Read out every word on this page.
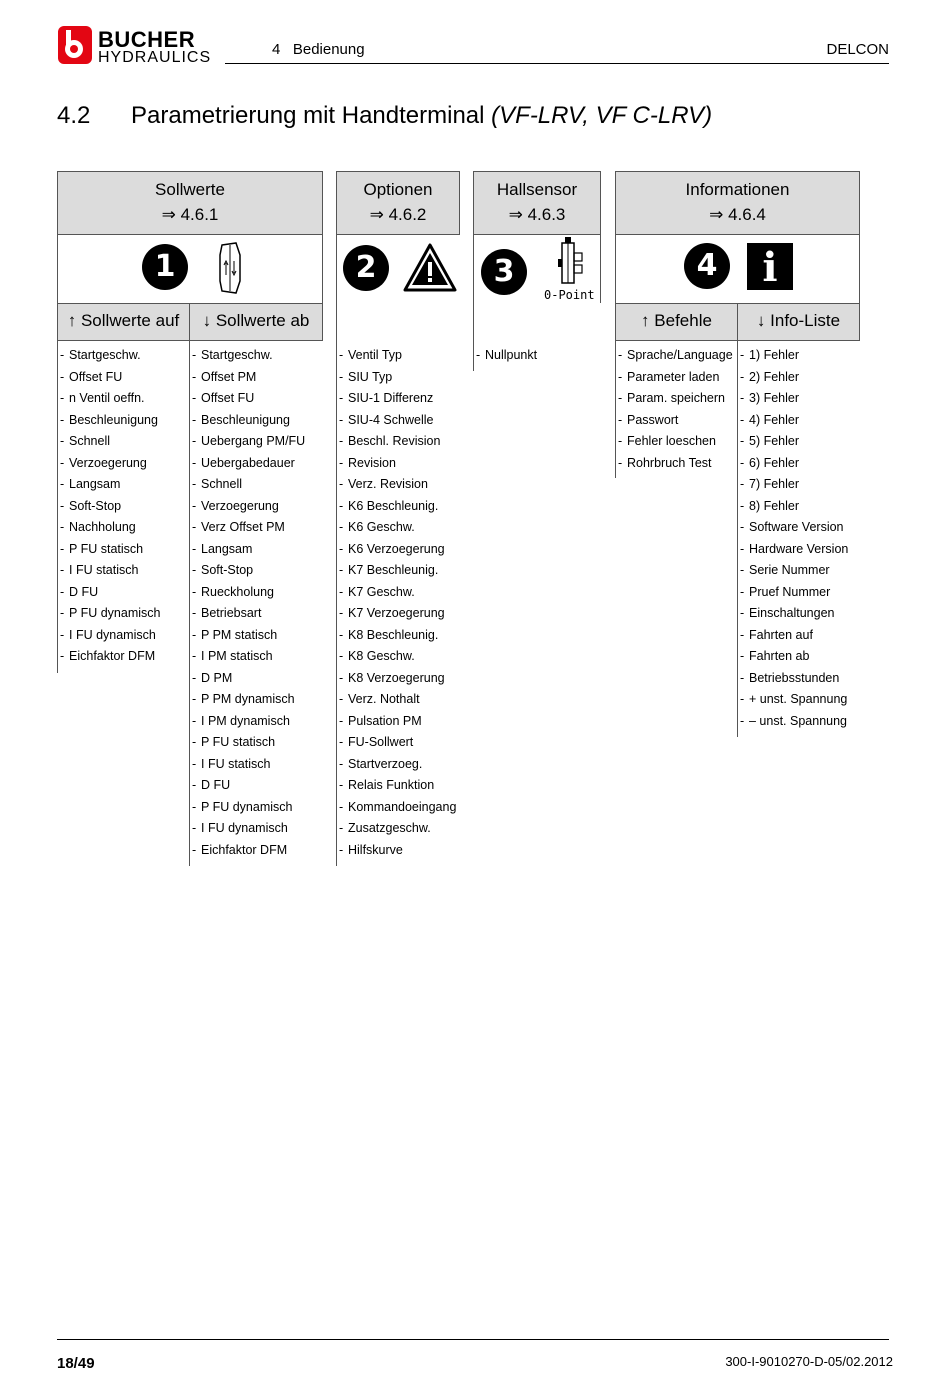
BUCHER
HYDRAULICS	4   Bedienung	DELCON
4.2 Parametrierung mit Handterminal (VF-LRV, VF C-LRV)
Sollwerte
⇒ 4.6.1
1
↑ Sollwerte auf	↓ Sollwerte ab
- Startgeschw.
- Offset FU
- n Ventil oeffn.
- Beschleunigung
- Schnell
- Verzoegerung
- Langsam
- Soft-Stop
- Nachholung
- P FU statisch
- I FU statisch
- D FU
- P FU dynamisch
- I FU dynamisch
- Eichfaktor DFM
- Startgeschw.
- Offset PM
- Offset FU
- Beschleunigung
- Uebergang PM/FU
- Uebergabedauer
- Schnell
- Verzoegerung
- Verz Offset PM
- Langsam
- Soft-Stop
- Rueckholung
- Betriebsart
- P PM statisch
- I PM statisch
- D PM
- P PM dynamisch
- I PM dynamisch
- P FU statisch
- I FU statisch
- D FU
- P FU dynamisch
- I FU dynamisch
- Eichfaktor DFM
Optionen
⇒ 4.6.2
2
- Ventil Typ
- SIU Typ
- SIU-1 Differenz
- SIU-4 Schwelle
- Beschl. Revision
- Revision
- Verz. Revision
- K6 Beschleunig.
- K6 Geschw.
- K6 Verzoegerung
- K7 Beschleunig.
- K7 Geschw.
- K7 Verzoegerung
- K8 Beschleunig.
- K8 Geschw.
- K8 Verzoegerung
- Verz. Nothalt
- Pulsation PM
- FU-Sollwert
- Startverzoeg.
- Relais Funktion
- Kommandoeingang
- Zusatzgeschw.
- Hilfskurve
Hallsensor
⇒ 4.6.3
3
0-Point
- Nullpunkt
Informationen
⇒ 4.6.4
4	i
↑ Befehle	↓ Info-Liste
- Sprache/Language
- Parameter laden
- Param. speichern
- Passwort
- Fehler loeschen
- Rohrbruch Test
- 1) Fehler
- 2) Fehler
- 3) Fehler
- 4) Fehler
- 5) Fehler
- 6) Fehler
- 7) Fehler
- 8) Fehler
- Software Version
- Hardware Version
- Serie Nummer
- Pruef Nummer
- Einschaltungen
- Fahrten auf
- Fahrten ab
- Betriebsstunden
- + unst. Spannung
- – unst. Spannung
18/49	300-I-9010270-D-05/02.2012
